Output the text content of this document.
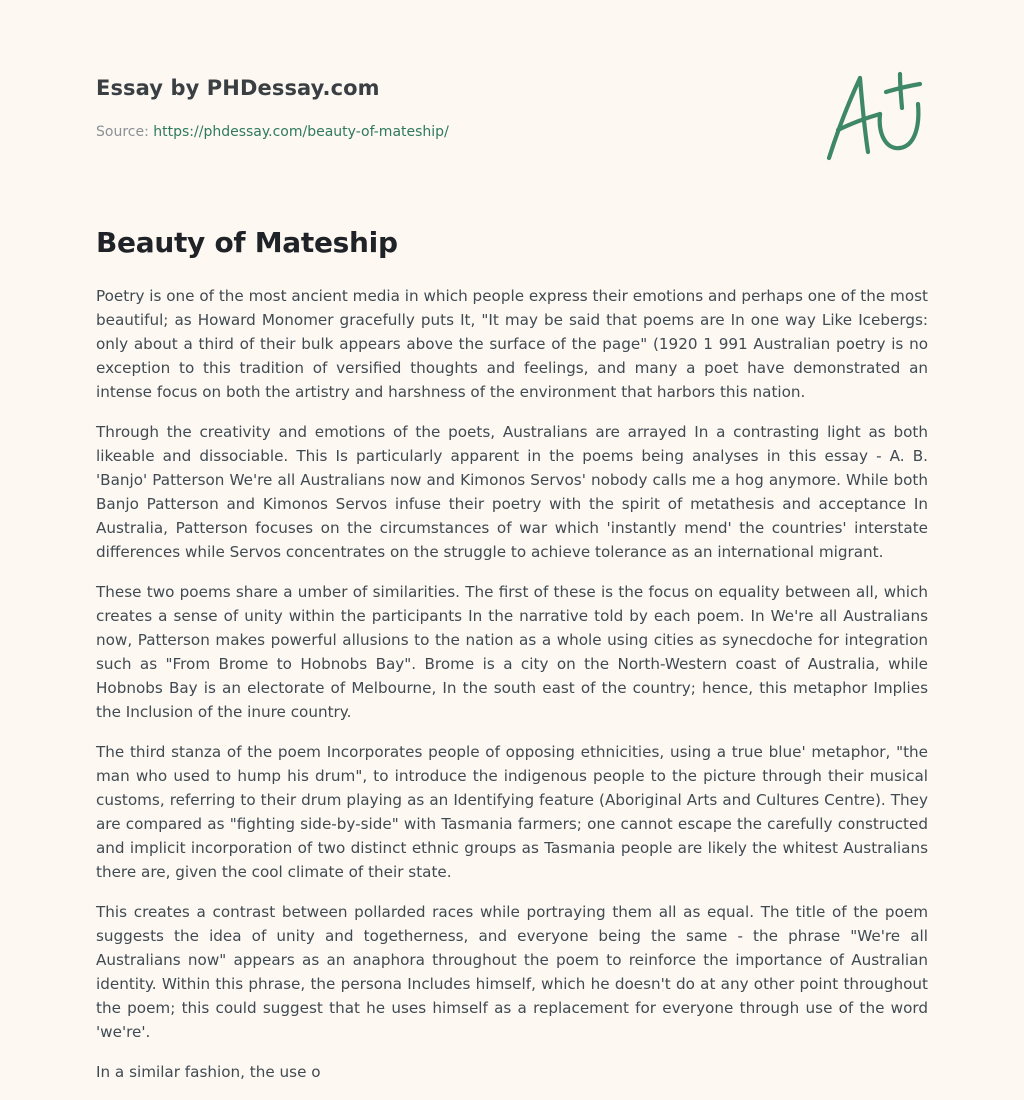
Essay by PHDessay.com

Source: https://phdessay.com/beauty-of-mateship/
Beauty of Mateship

Poetry is one of the most ancient media in which people express their emotions and perhaps one of the most beautiful; as Howard Monomer gracefully puts It, "It may be said that poems are In one way Like Icebergs: only about a third of their bulk appears above the surface of the page" (1920 1 991 Australian poetry is no exception to this tradition of versified thoughts and feelings, and many a poet have demonstrated an intense focus on both the artistry and harshness of the environment that harbors this nation.

Through the creativity and emotions of the poets, Australians are arrayed In a contrasting light as both likeable and dissociable. This Is particularly apparent in the poems being analyses in this essay - A. B. 'Banjo' Patterson We're all Australians now and Kimonos Servos' nobody calls me a hog anymore. While both Banjo Patterson and Kimonos Servos infuse their poetry with the spirit of metathesis and acceptance In Australia, Patterson focuses on the circumstances of war which 'instantly mend' the countries' interstate differences while Servos concentrates on the struggle to achieve tolerance as an international migrant.

These two poems share a umber of similarities. The first of these is the focus on equality between all, which creates a sense of unity within the participants In the narrative told by each poem. In We're all Australians now, Patterson makes powerful allusions to the nation as a whole using cities as synecdoche for integration such as "From Brome to Hobnobs Bay". Brome is a city on the North-Western coast of Australia, while Hobnobs Bay is an electorate of Melbourne, In the south east of the country; hence, this metaphor Implies the Inclusion of the inure country.

The third stanza of the poem Incorporates people of opposing ethnicities, using a true blue' metaphor, "the man who used to hump his drum", to introduce the indigenous people to the picture through their musical customs, referring to their drum playing as an Identifying feature (Aboriginal Arts and Cultures Centre). They are compared as "fighting side-by-side" with Tasmania farmers; one cannot escape the carefully constructed and implicit incorporation of two distinct ethnic groups as Tasmania people are likely the whitest Australians there are, given the cool climate of their state.

This creates a contrast between pollarded races while portraying them all as equal. The title of the poem suggests the idea of unity and togetherness, and everyone being the same - the phrase "We're all Australians now" appears as an anaphora throughout the poem to reinforce the importance of Australian identity. Within this phrase, the persona Includes himself, which he doesn't do at any other point throughout the poem; this could suggest that he uses himself as a replacement for everyone through use of the word 'we're'.

In a similar fashion, the use o
